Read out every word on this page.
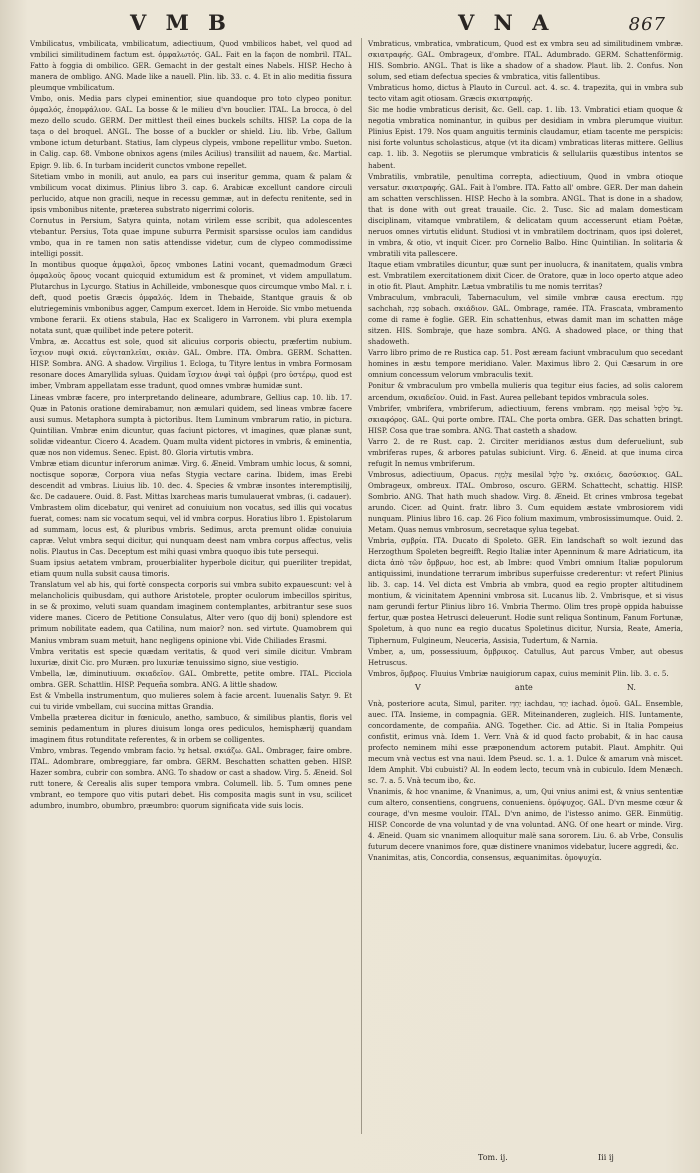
V M B	V N A	867

Vmbilicatus, vmbilicata, vmbilicatum, adiectiuum, Quod vmbilicos habet, vel quod ad vmbilici similitudinem factum est. ὀμφαλωτός. GAL. Fait en la façon de nombril. ITAL. Fatto à foggia di ombilico. GER. Gemacht in der gestalt eines Nabels. HISP. Hecho à manera de ombligo. ANG. Made like a nauell. Plin. lib. 33. c. 4. Et in alio meditia fissura pleumque vmbilicatum.

Vmbo, onis. Media pars clypei eminentior, siue quandoque pro toto clypeo ponitur. ὀμφαλός, ἐπομφάλιον. GAL. La bosse & le milieu d'vn bouclier. ITAL. La brocca, ò del mezo dello scudo. GERM. Der mittlest theil eines buckels schilts. HISP. La copa de la taça o del broquel. ANGL. The bosse of a buckler or shield. Liu. lib. Vrbe, Gallum vmbone ictum deturbant. Statius, Iam clypeus clypeis, vmbone repellitur vmbo. Sueton. in Calig. cap. 68. Vmbone obnixos agens (miles Acilius) transiliit ad nauem, &c. Martial. Epigr. 9. lib. 6. In turbam inciderit cunctos vmbone repellet.

Sitetiam vmbo in monili, aut anulo, ea pars cui inseritur gemma, quam & palam & vmbilicum vocat diximus. Plinius libro 3. cap. 6. Arabicæ excellunt candore circuli perlucido, atque non gracili, neque in recessu gemmæ, aut in defectu renitente, sed in ipsis vmbonibus nitente, præterea substrato nigerrimi coloris.

Cornutus in Persium, Satyra quinta, notam virilem esse scribit, qua adolescentes vtebantur. Persius, Tota quae impune suburra Permisit sparsisse oculos iam candidus vmbo, qua in re tamen non satis attendisse videtur, cum de clypeo commodissime intelligi possit.

In montibus quoque ἀμφαλοὶ, ὄρεος vmbones Latini vocant, quemadmodum Græci ὀμφαλοὺς ὄρους vocant quicquid extumidum est & prominet, vt videm ampullatum. Plutarchus in Lycurgo. Statius in Achilleide, vmbonesque quos circumque vmbo Mal. r. i. deft, quod poetis Græcis ὀμφαλός. Idem in Thebaide, Stantque grauis & ob elutriegeminis vmbonibus agger, Campum exercet. Idem in Heroide. Sic vmbo metuenda vmbone ferarii. Ex otiens stabula, Hac ex Scaligero in Varronem. vbi plura exempla notata sunt, quæ quilibet inde petere poterit.

Vmbra, æ. Accattus est sole, quod sit alicuius corporis obiectu, præfertim nubium. ἴσχιον πυφὶ σκιά. εὐγιταπλεῖαι, σκιὰν. GAL. Ombre. ITA. Ombra. GERM. Schatten. HISP. Sombra. ANG. A shadow. Virgilius 1. Ecloga, tu Tityre lentus in vmbra Formosam resonare doces Amaryllida syluas. Quidam ἴσχιον ἀνφὶ ταὶ ὁμβρὶ (pro ὑστέρῳ, quod est imber, Vmbram appellatam esse tradunt, quod omnes vmbræ humidæ sunt.

Lineas vmbræ facere, pro interpretando delineare, adumbrare, Gellius cap. 10. lib. 17. Quæ in Patonis oratione demirabamur, non æmulari quidem, sed lineas vmbræ facere ausi sumus. Metaphora sumpta à pictoribus. Item Luminum vmbrarum ratio, in pictura. Quintilian. Vmbræ enim dicuntur, quas faciunt pictores, vt imagines, quæ planæ sunt, solidæ videantur. Cicero 4. Academ. Quam multa vident pictores in vmbris, & eminentia, quæ nos non videmus. Senec. Epist. 80. Gloria virtutis vmbra.

Vmbræ etiam dicuntur inferorum animæ. Virg. 6. Æneid. Vmbram umhic locus, & somni, noctisque soporæ, Corpora viua nefas Stygia vectare carina. Ibidem, imas Erebi descendit ad vmbras. Liuius lib. 10. dec. 4. Species & vmbræ insontes interemptisilij, &c. De cadauere. Ouid. 8. Fast. Mittas lxarcheas maris tumulauerat vmbras, (i. cadauer).

Vmbrastem olim dicebatur, qui veniret ad conuiuium non vocatus, sed illis qui vocatus fuerat, comes: nam sic vocatum sequi, vel id vmbra corpus. Horatius libro 1. Epistolarum ad summam, locus est, & pluribus vmbris. Sedimus, arcta premunt olidæ conuiuia capræ. Velut vmbra sequi dicitur, qui nunquam deest nam vmbra corpus affectus, velis nolis. Plautus in Cas. Deceptum est mihi quasi vmbra quoquo ibis tute persequi.

Suam ipsius aetatem vmbram, prouerbialiter hyperbole dicitur, qui pueriliter trepidat, etiam quum nulla subsit causa timoris.

Translatum vel ab his, qui fortè conspecta corporis sui vmbra subito expauescunt: vel à melancholicis quibusdam, qui authore Aristotele, propter oculorum imbecillos spiritus, in se & proximo, veluti suam quandam imaginem contemplantes, arbitrantur sese suos videre manes. Cicero de Petitione Consulatus, Alter vero (quo dij boni) splendore est primum nobilitate eadem, qua Catilina, num maior? non. sed virtute. Quamobrem qui Manius vmbram suam metuit, hanc negligens opinione vbi. Vide Chiliades Erasmi.

Vmbra veritatis est specie quædam veritatis, & quod veri simile dicitur. Vmbram luxuriæ, dixit Cic. pro Muræn. pro luxuriæ tenuissimo signo, siue vestigio.

Vmbella, læ, diminutiuum. σκιαδεῖον. GAL. Ombrette, petite ombre. ITAL. Picciola ombra. GER. Schattlin. HISP. Pequeña sombra. ANG. A little shadow.

Est & Vmbella instrumentum, quo mulieres solem à facie arcent. Iuuenalis Satyr. 9. Et cui tu viride vmbellam, cui succina mittas Grandia.

Vmbella præterea dicitur in fœniculo, anetho, sambuco, & similibus plantis, floris vel seminis pedamentum in plures diuisum longa ores pediculos, hemisphærij quandam imaginem fitus rotunditate referentes, & in orbem se colligentes.

Vmbro, vmbras. Tegendo vmbram facio. צֵל hetsal. σκιάζω. GAL. Ombrager, faire ombre. ITAL. Adombrare, ombreggiare, far ombra. GERM. Beschatten schatten geben. HISP. Hazer sombra, cubrir con sombra. ANG. To shadow or cast a shadow. Virg. 5. Æneid. Sol rutt tonere, & Cerealis alis super tempora vmbra. Columell. lib. 5. Tum omnes pene vmbrant, eo tempore quo vitis putari debet. His composita magis sunt in vsu, scilicet adumbro, inumbro, obumbro, præumbro: quorum significata vide suis locis.

Vmbraticus, vmbratica, vmbraticum, Quod est ex vmbra seu ad similitudinem vmbræ. σκιατραφής. GAL. Ombrageux, d'ombre. ITAL. Adumbrado. GERM. Schattenförmig. HIS. Sombrio. ANGL. That is like a shadow of a shadow. Plaut. lib. 2. Confus. Non solum, sed etiam defectua species & vmbratica, vitis fallentibus.

Vmbraticus homo, dictus à Plauto in Curcul. act. 4. sc. 4. trapezita, qui in vmbra sub tecto vitam agit otiosam. Græcis σκιατραφής.

Sic me hodie vmbraticus derisit, &c. Gell. cap. 1. lib. 13. Vmbratici etiam quoque & negotia vmbratica nominantur, in quibus per desidiam in vmbra plerumque viuitur. Plinius Epist. 179. Nos quam anguitis terminis claudamur, etiam tacente me perspicis: nisi forte voluntus scholasticus, atque (vt ita dicam) vmbraticas literas mittere. Gellius cap. 1. lib. 3. Negotiis se plerumque vmbraticis & sellulariis quæstibus intentos se habent.

Vmbratilis, vmbratile, penultima correpta, adiectiuum, Quod in vmbra otioque versatur. σκιατραφής. GAL. Fait à l'ombre. ITA. Fatto all' ombre. GER. Der man dahein am schatten verschlissen. HISP. Hecho à la sombra. ANGL. That is done in a shadow, that is done with out great trauaile. Cic. 2. Tusc. Sic ad malam domesticam disciplinam, vitamque vmbratilem, & delicatam quum accesserunt etiam Poëtæ, neruos omnes virtutis elidunt. Studiosi vt in vmbratilem doctrinam, quos ipsi doleret, in vmbra, & otio, vt inquit Cicer. pro Cornelio Balbo. Hinc Quintilian. In solitaria & vmbratili vita pallescere.

Itaque etiam vmbratiles dicuntur, quæ sunt per inuolucra, & inanitatem, qualis vmbra est. Vmbratilem exercitationem dixit Cicer. de Oratore, quæ in loco operto atque adeo in otio fit. Plaut. Amphitr. Lætua vmbratilis tu me nomis territas?

Vmbraculum, vmbraculi, Tabernaculum, vel simile vmbræ causa erectum. טֶבֶה sachchah, סֻכָּה sobach. σκιάδιον. GAL. Ombrage, ramée. ITA. Frascata, vmbramento come di rame è foglie. GER. Ein schattenhus, etwas damit man im schatten mäge sitzen. HIS. Sombraje, que haze sombra. ANG. A shadowed place, or thing that shadoweth.

Varro libro primo de re Rustica cap. 51. Post æream faciunt vmbraculum quo secedant homines in æstu tempore meridiano. Valer. Maximus libro 2. Qui Cæsarum in ore omnium concessum velorum vmbraculis texit.

Ponitur & vmbraculum pro vmbella mulieris qua tegitur eius facies, ad solis calorem arcendum, σκιαδεῖον. Ouid. in Fast. Aurea pellebant tepidos vmbracula soles.

Vmbrifer, vmbrifera, vmbriferum, adiectiuum, ferens vmbram. מֵסֵף meisal צֵל סִלְסֻל. σκιαφόρος. GAL. Qui porte ombre. ITAL. Che porta ombra. GER. Das schatten bringt. HISP. Cosa que trae sombra. ANG. That casteth a shadow.

Varro 2. de re Rust. cap. 2. Circiter meridianos æstus dum deferueliunt, sub vmbriferas rupes, & arbores patulas subiciunt. Virg. 6. Æneid. at que inuma circa refugit In nemus vmbriferum.

Vmbrosus, adiectiuum, Opacus. צַלְמָוֶת mesilal צֵל סִלְסֻל. σκιόεις, δασύσκιος. GAL. Ombrageux, ombreux. ITAL. Ombroso, oscuro. GERM. Schattecht, schattig. HISP. Sombrio. ANG. That hath much shadow. Virg. 8. Æneid. Et crines vmbrosa tegebat arundo. Cicer. ad Quint. fratr. libro 3. Cum equidem æstate vmbrosiorem vidi nunquam. Plinius libro 16. cap. 26 Fico folium maximum, vmbrosissimumque. Ouid. 2. Metam. Quas nemus vmbrosum, secretaque sylua tegebat.

Vmbria, σμβρία. ITA. Ducato di Spoleto. GER. Ein landschaft so wolt iezund das Herzogthum Spoleten begreifft. Regio Italiæ inter Apenninum & mare Adriaticum, ita dicta ἀπὸ τῶν ὄμβρων, hoc est, ab Imbre: quod Vmbri omnium Italiæ populorum antiquissimi, inundatione terrarum imbribus superfuisse crederentur: vt refert Plinius lib. 3. cap. 14. Vel dicta est Vmbria ab vmbra, quod ea regio propter altitudinem montium, & vicinitatem Apennini vmbrosa sit. Lucanus lib. 2. Vmbrisque, et si visus nam gerundi fertur Plinius libro 16. Vmbria Thermo. Olim tres propè oppida habuisse fertur, quæ postea Hetrusci deleuerunt. Hodie sunt reliqua Sontinum, Fanum Fortunæ, Spoletum, à quo nunc ea regio ducatus Spoletinus dicitur, Nursia, Reate, Ameria, Tiphernum, Fulgineum, Neuceria, Assisia, Tudertum, & Narnia.

Vmber, a, um, possessiuum, ὄμβρικος. Catullus, Aut parcus Vmber, aut obesus Hetruscus.

Vmbros, ὄμβρος. Fluuius Vmbriæ nauigiorum capax, cuius meminit Plin. lib. 3. c. 5.

V	ante	N.

Vnà, posteriore acuta, Simul, pariter. יַחְדָּו iachdau, יַחַד iachad. ὁμοῦ. GAL. Ensemble, auec. ITA. Insieme, in compagnia. GER. Miteinanderen, zugleich. HIS. Iuntamente, concordamente, de compañia. ANG. Together. Cic. ad Attic. Si in Italia Pompeius confistit, erimus vnà. Idem 1. Verr. Vnà & id quod facto probabit, & in hac causa profecto neminem mihi esse præponendum actorem putabit. Plaut. Amphitr. Qui mecum vnà vectus est vna naui. Idem Pseud. sc. 1. a. 1. Dulce & amarum vnà miscet. Idem Amphit. Vbi cubuisti? Al. In eodem lecto, tecum vnà in cubiculo. Idem Menæch. sc. 7. a. 5. Vnà tecum ibo, &c.

Vnanimis, & hoc vnanime, & Vnanimus, a, um, Qui vnius animi est, & vnius sententiæ cum altero, consentiens, congruens, conueniens. ὁμόψυχος. GAL. D'vn mesme cœur & courage, d'vn mesme vouloir. ITAL. D'vn animo, de l'istesso animo. GER. Einmütig. HISP. Concorde de vna voluntad y de vna voluntad. ANG. Of one heart or minde. Virg. 4. Æneid. Quam sic vnanimem alloquitur malè sana sororem. Liu. 6. ab Vrbe, Consulis futurum decere vnanimos fore, quæ distinere vnanimos videbatur, lucere aggredi, &c.

Vnanimitas, atis, Concordia, consensus, æquanimitas. ὁμοψυχία.

Tom. ij.	Iii ij
